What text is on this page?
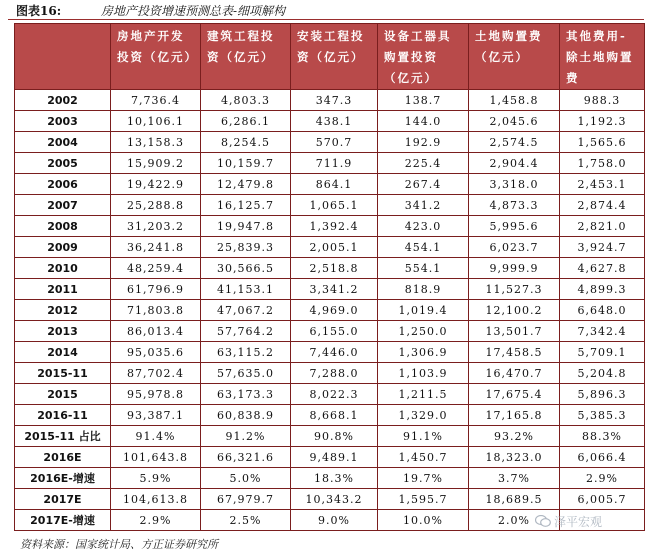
图表16:	房地产投资增速预测总表-细项解构
	房地产开发投资（亿元）	建筑工程投资（亿元）	安装工程投资（亿元）	设备工器具购置投资（亿元）	土地购置费（亿元）	其他费用-除土地购置费
2002	7,736.4	4,803.3	347.3	138.7	1,458.8	988.3
2003	10,106.1	6,286.1	438.1	144.0	2,045.6	1,192.3
2004	13,158.3	8,254.5	570.7	192.9	2,574.5	1,565.6
2005	15,909.2	10,159.7	711.9	225.4	2,904.4	1,758.0
2006	19,422.9	12,479.8	864.1	267.4	3,318.0	2,453.1
2007	25,288.8	16,125.7	1,065.1	341.2	4,873.3	2,874.4
2008	31,203.2	19,947.8	1,392.4	423.0	5,995.6	2,821.0
2009	36,241.8	25,839.3	2,005.1	454.1	6,023.7	3,924.7
2010	48,259.4	30,566.5	2,518.8	554.1	9,999.9	4,627.8
2011	61,796.9	41,153.1	3,341.2	818.9	11,527.3	4,899.3
2012	71,803.8	47,067.2	4,969.0	1,019.4	12,100.2	6,648.0
2013	86,013.4	57,764.2	6,155.0	1,250.0	13,501.7	7,342.4
2014	95,035.6	63,115.2	7,446.0	1,306.9	17,458.5	5,709.1
2015-11	87,702.4	57,635.0	7,288.0	1,103.9	16,470.7	5,204.8
2015	95,978.8	63,173.3	8,022.3	1,211.5	17,675.4	5,896.3
2016-11	93,387.1	60,838.9	8,668.1	1,329.0	17,165.8	5,385.3
2015-11 占比	91.4%	91.2%	90.8%	91.1%	93.2%	88.3%
2016E	101,643.8	66,321.6	9,489.1	1,450.7	18,323.0	6,066.4
2016E-增速	5.9%	5.0%	18.3%	19.7%	3.7%	2.9%
2017E	104,613.8	67,979.7	10,343.2	1,595.7	18,689.5	6,005.7
2017E-增速	2.9%	2.5%	9.0%	10.0%	2.0%	
资料来源：国家统计局、方正证券研究所
泽平宏观
